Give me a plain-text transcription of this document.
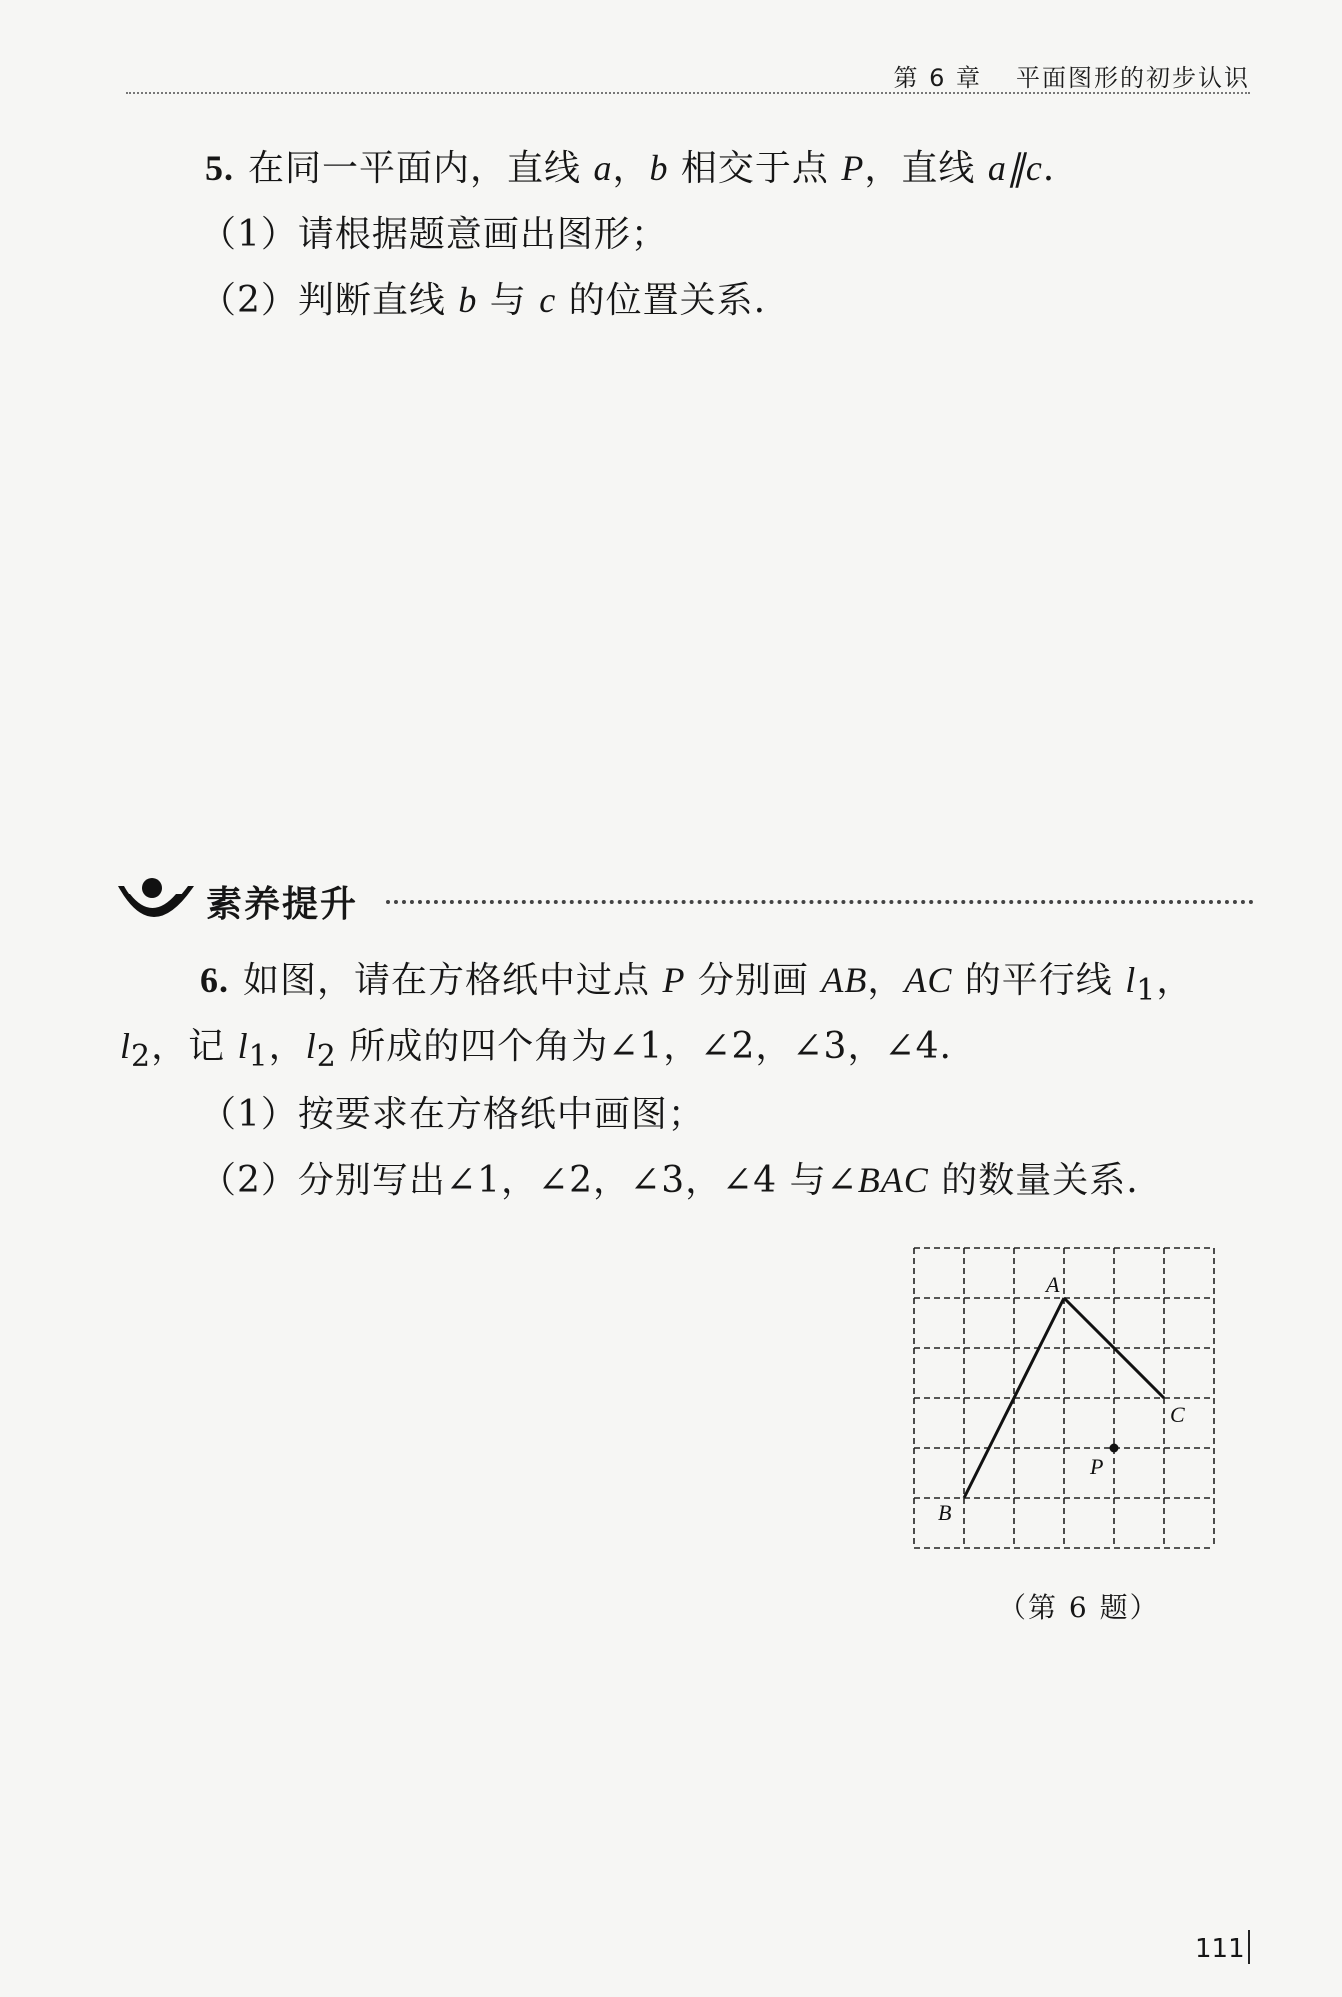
第 6 章 平面图形的初步认识
5. 在同一平面内，直线 a，b 相交于点 P，直线 a∥c.
（1）请根据题意画出图形；
（2）判断直线 b 与 c 的位置关系.
素养提升
6. 如图，请在方格纸中过点 P 分别画 AB，AC 的平行线 $l_1$，
$l_2$，记 $l_1$，$l_2$ 所成的四个角为∠1，∠2，∠3，∠4.
（1）按要求在方格纸中画图；
（2）分别写出∠1，∠2，∠3，∠4 与∠BAC 的数量关系.
A
B
C
P
（第 6 题）
111
